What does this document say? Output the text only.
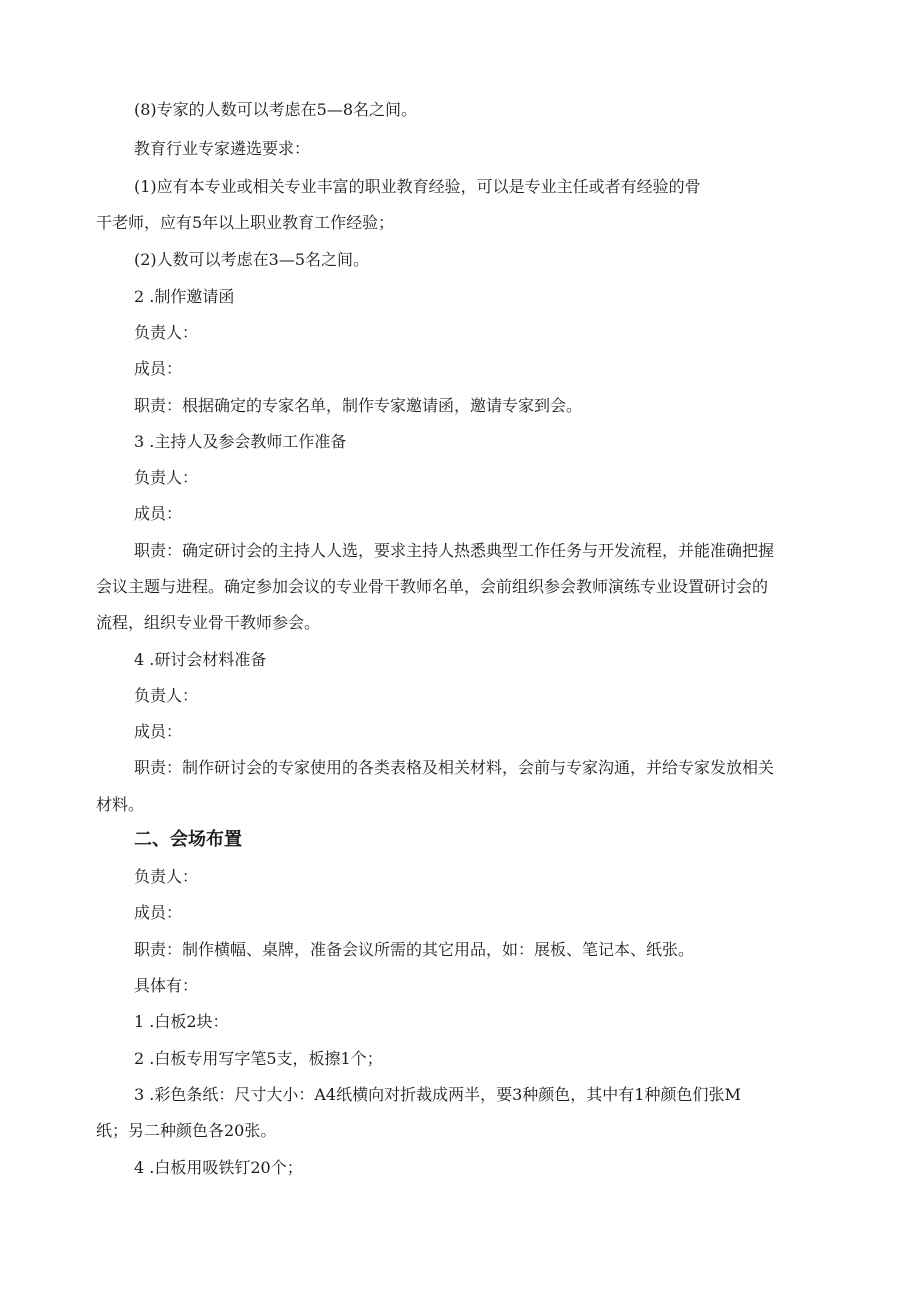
(8)专家的人数可以考虑在5—8名之间。

教育行业专家遴选要求：

(1)应有本专业或相关专业丰富的职业教育经验，可以是专业主任或者有经验的骨

干老师，应有5年以上职业教育工作经验；

(2)人数可以考虑在3—5名之间。

2 .制作邀请函

负责人：

成员：

职责：根据确定的专家名单，制作专家邀请函，邀请专家到会。

3 .主持人及参会教师工作准备

负责人：

成员：

职责：确定研讨会的主持人人选，要求主持人热悉典型工作任务与开发流程，并能准确把握

会议主题与进程。确定参加会议的专业骨干教师名单，会前组织参会教师演练专业设置研讨会的

流程，组织专业骨干教师参会。

4 .研讨会材料准备

负责人：

成员：

职责：制作研讨会的专家使用的各类表格及相关材料，会前与专家沟通，并给专家发放相关

材料。

二、会场布置

负责人：

成员：

职责：制作横幅、桌牌，准备会议所需的其它用品，如：展板、笔记本、纸张。

具体有：

1 .白板2块：

2 .白板专用写字笔5支，板擦1个；

3 .彩色条纸：尺寸大小：A4纸横向对折裁成两半，要3种颜色，其中有1种颜色们张M

纸；另二种颜色各20张。

4 .白板用吸铁钉20个；
